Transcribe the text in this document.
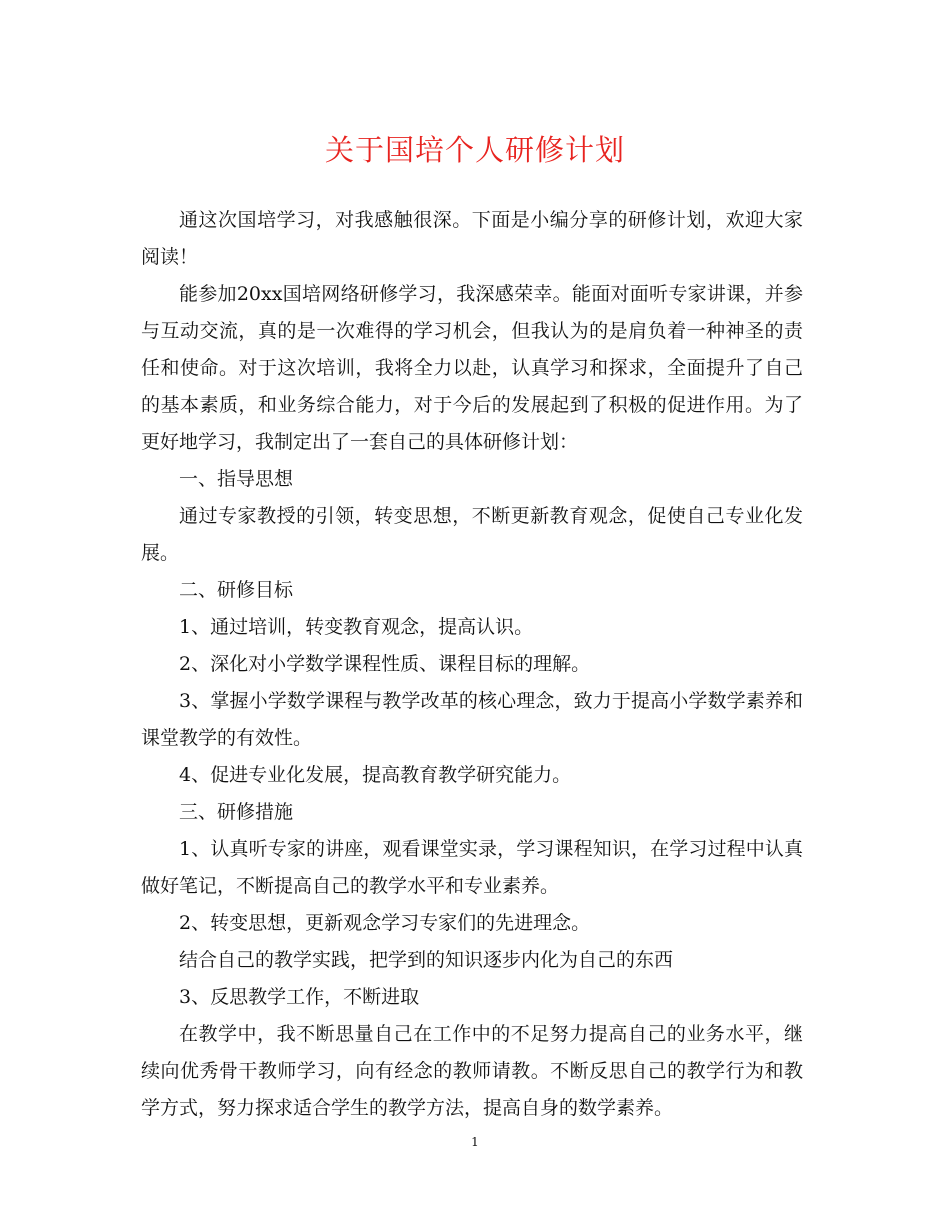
关于国培个人研修计划

通这次国培学习，对我感触很深。下面是小编分享的研修计划，欢迎大家阅读！

能参加20xx国培网络研修学习，我深感荣幸。能面对面听专家讲课，并参与互动交流，真的是一次难得的学习机会，但我认为的是肩负着一种神圣的责任和使命。对于这次培训，我将全力以赴，认真学习和探求，全面提升了自己的基本素质，和业务综合能力，对于今后的发展起到了积极的促进作用。为了更好地学习，我制定出了一套自己的具体研修计划：

一、指导思想

通过专家教授的引领，转变思想，不断更新教育观念，促使自己专业化发展。

二、研修目标

1、通过培训，转变教育观念，提高认识。

2、深化对小学数学课程性质、课程目标的理解。

3、掌握小学数学课程与教学改革的核心理念，致力于提高小学数学素养和课堂教学的有效性。

4、促进专业化发展，提高教育教学研究能力。

三、研修措施

1、认真听专家的讲座，观看课堂实录，学习课程知识，在学习过程中认真做好笔记，不断提高自己的教学水平和专业素养。

2、转变思想，更新观念学习专家们的先进理念。

结合自己的教学实践，把学到的知识逐步内化为自己的东西

3、反思教学工作，不断进取

在教学中，我不断思量自己在工作中的不足努力提高自己的业务水平，继续向优秀骨干教师学习，向有经念的教师请教。不断反思自己的教学行为和教学方式，努力探求适合学生的教学方法，提高自身的数学素养。

1
